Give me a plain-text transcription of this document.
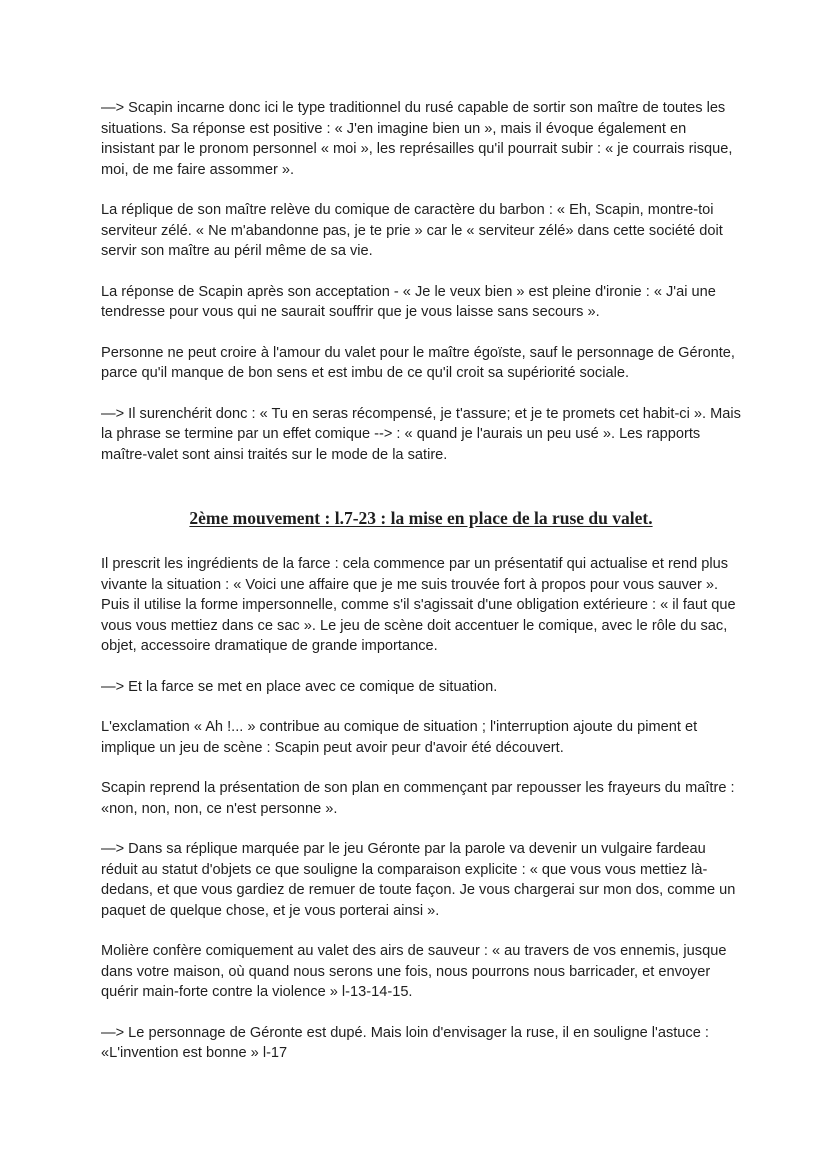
—> Scapin incarne donc ici le type traditionnel du rusé capable de sortir son maître de toutes les situations. Sa réponse est positive : « J'en imagine bien un », mais il évoque également en insistant par le pronom personnel « moi », les représailles qu'il pourrait subir : « je courrais risque, moi, de me faire assommer ».

La réplique de son maître relève du comique de caractère du barbon : « Eh, Scapin, montre-toi serviteur zélé. « Ne m'abandonne pas, je te prie » car le « serviteur zélé» dans cette société doit servir son maître au péril même de sa vie.

La réponse de Scapin après son acceptation - « Je le veux bien » est pleine d'ironie : « J'ai une tendresse pour vous qui ne saurait souffrir que je vous laisse sans secours ».

Personne ne peut croire à l'amour du valet pour le maître égoïste, sauf le personnage de Géronte, parce qu'il manque de bon sens et est imbu de ce qu'il croit sa supériorité sociale.

—> Il surenchérit donc : « Tu en seras récompensé, je t'assure; et je te promets cet habit-ci ». Mais la phrase se termine par un effet comique --> : « quand je l'aurais un peu usé ». Les rapports maître-valet sont ainsi traités sur le mode de la satire.

2ème mouvement : l.7-23 : la mise en place de la ruse du valet.

Il prescrit les ingrédients de la farce : cela commence par un présentatif qui actualise et rend plus vivante la situation : « Voici une affaire que je me suis trouvée fort à propos pour vous sauver ». Puis il utilise la forme impersonnelle, comme s'il s'agissait d'une obligation extérieure : « il faut que vous vous mettiez dans ce sac ». Le jeu de scène doit accentuer le comique, avec le rôle du sac, objet, accessoire dramatique de grande importance.

—> Et la farce se met en place avec ce comique de situation.

L'exclamation « Ah !... » contribue au comique de situation ; l'interruption ajoute du piment et implique un jeu de scène : Scapin peut avoir peur d'avoir été découvert.

Scapin reprend la présentation de son plan en commençant par repousser les frayeurs du maître : «non, non, non, ce n'est personne ».

—> Dans sa réplique marquée par le jeu Géronte par la parole va devenir un vulgaire fardeau réduit au statut d'objets ce que souligne la comparaison explicite : « que vous vous mettiez là-dedans, et que vous gardiez de remuer de toute façon. Je vous chargerai sur mon dos, comme un paquet de quelque chose, et je vous porterai ainsi ».

Molière confère comiquement au valet des airs de sauveur : « au travers de vos ennemis, jusque dans votre maison, où quand nous serons une fois, nous pourrons nous barricader, et envoyer quérir main-forte contre la violence » l-13-14-15.

—> Le personnage de Géronte est dupé. Mais loin d'envisager la ruse, il en souligne l'astuce : «L'invention est bonne » l-17
